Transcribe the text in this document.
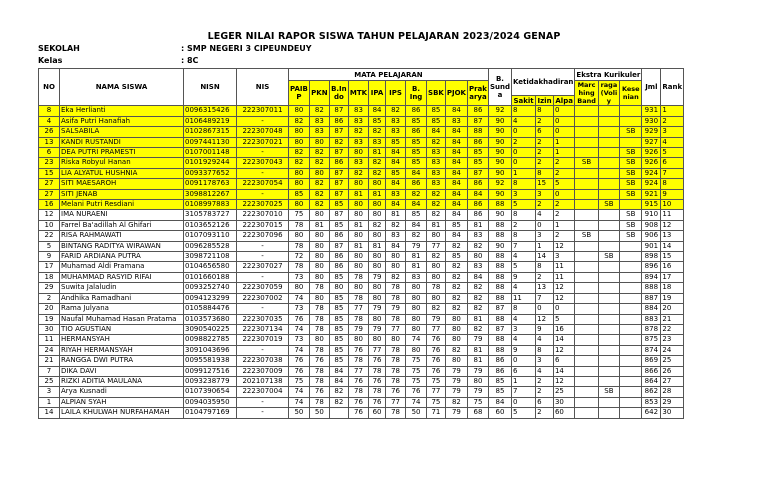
LEGER NILAI RAPOR SISWA TAHUN PELAJARAN 2023/2024 GENAP
SEKOLAH	: SMP NEGERI 3 CIPEUNDEUY
Kelas	: 8C
NO	NAMA SISWA	NISN	NIS	MATA PELAJARAN										B. Sund a	Ketidakhadiran			Ekstra Kurikuler			Jml	Rank
				PAIB P	PKN	B.In do	MTK	IPA	IPS	B. Ing	SBK	PJOK	Prak arya					Marc hing Band	raga (Voli y	Kese nian		
															Sakit	Izin	Alpa					
8	Eka Herlianti	0096315426	222307011	80	82	87	83	84	82	86	85	84	86	92	8	8	0				931	1
4	Asifa Putri Hanafiah	0106489219	-	82	83	86	83	85	83	85	85	83	87	90	4	2	0				930	2
26	SALSABILA	0102867315	222307048	80	83	87	82	82	83	86	84	84	88	90	0	6	0			SB	929	3
13	KANDI RUSTANDI	0097441130	222307021	80	80	82	83	83	85	85	82	84	86	90	2	2	1				927	4
6	DEA PUTRI PRAMESTI	0107001148	-	82	82	87	80	81	84	85	83	84	85	90	0	2	1			SB	926	5
23	Riska Robyul Hanan	0101929244	222307043	82	82	86	83	82	84	85	83	84	85	90	0	2	2	SB		SB	926	6
15	LIA ALYATUL HUSHNIA	0093377652	-	80	80	87	82	82	85	84	83	84	87	90	1	8	2			SB	924	7
27	SITI MAESAROH	0091178763	222307054	80	82	87	80	80	84	86	83	84	86	92	8	15	5			SB	924	8
27	SITI JENAB	3098812267	-	85	82	87	81	81	83	82	82	84	84	90	3	3	0			SB	921	9
16	Melani Putri Resdiani	0108997883	222307025	80	82	85	80	80	84	84	82	84	86	88	5	2	2		SB		915	10
12	IMA NURAENI	3105783727	222307010	75	80	87	80	80	81	85	82	84	86	90	8	4	2			SB	910	11
10	Farrel Ba'adillah Al Ghifari	0103652126	222307015	78	81	85	81	82	82	84	81	85	81	88	2	0	1			SB	908	12
22	RISA RAHMAWATI	0107093110	222307096	80	80	86	80	80	83	82	80	84	83	88	8	3	2	SB		SB	906	13
5	BINTANG RADITYA WIRAWAN	0096285528	-	78	80	87	81	81	84	79	77	82	82	90	7	1	12				901	14
9	FARID ARDIANA PUTRA	3098721108	-	72	80	86	80	80	80	81	82	85	80	88	4	14	3		SB		898	15
17	Muhamad Aldi Pramana	0104656580	222307027	78	80	86	80	80	80	81	80	82	83	88	5	8	11				896	16
18	MUHAMMAD RASYID RIFAI	0101660188	-	73	80	85	78	79	82	83	80	82	84	88	9	2	11				894	17
29	Suwita Jalaludin	0093252740	222307059	80	78	80	80	80	78	80	78	82	82	88	4	13	12				888	18
2	Andhika Ramadhani	0094123299	222307002	74	80	85	78	80	78	80	80	82	82	88	11	7	12				887	19
20	Rama Julyana	0105884476	-	73	78	85	77	79	79	80	82	82	82	87	8	0	0				884	20
19	Naufal Muhamad Hasan Pratama	0103573680	222307035	76	78	85	78	80	78	80	79	80	81	88	4	12	5				883	21
30	TIO AGUSTIAN	3090540225	222307134	74	78	85	79	79	77	80	77	80	82	87	3	9	16				878	22
11	HERMANSYAH	0098822785	222307019	73	80	85	80	80	80	74	76	80	79	88	4	4	14				875	23
24	RIYAH HERMANSYAH	3091043696	-	74	78	85	76	77	78	80	76	82	81	88	9	8	12				874	24
21	RANGGA DWI PUTRA	0095581938	222307038	76	76	85	78	76	78	75	76	80	81	86	0	3	6				869	25
7	DIKA DAVI	0099127516	222307009	76	78	84	77	78	78	75	76	79	79	86	6	4	14				866	26
25	RIZKI ADITIA MAULANA	0093238779	202107138	75	78	84	76	76	78	75	75	79	80	85	1	2	12				864	27
3	Arya Kusnadi	0107390654	222307004	74	76	82	78	78	76	76	77	79	79	85	7	2	25		SB		862	28
1	ALPIAN SYAH	0094035950	-	74	78	82	76	76	77	74	75	82	75	84	0	6	30				853	29
14	LAILA KHULWAH NURFAHAMAH	0104797169	-	50	50		76	60	78	50	71	79	68	60	5	2	60				642	30
